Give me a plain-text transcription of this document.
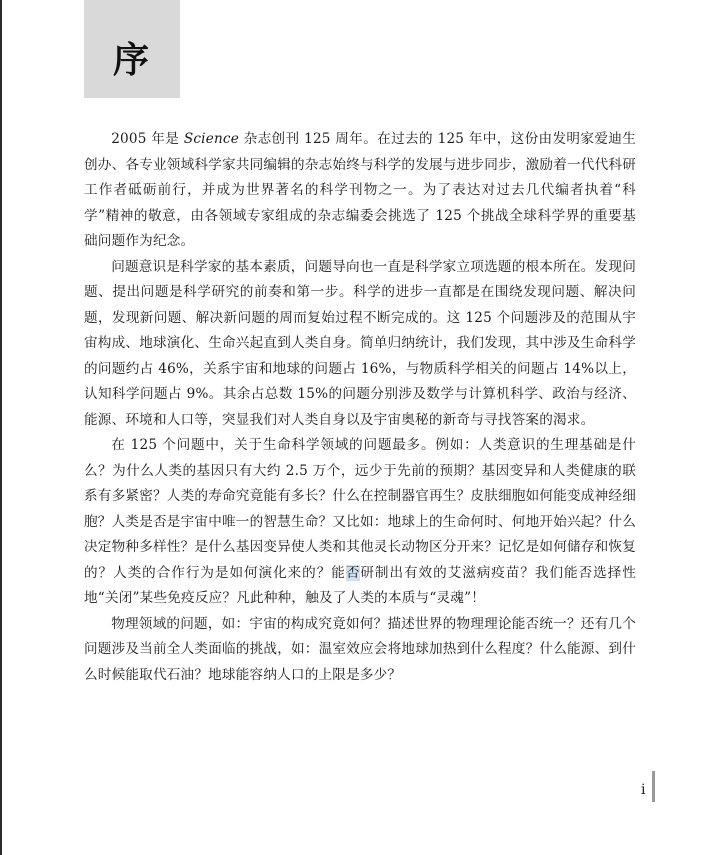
序

2005 年是 Science 杂志创刊 125 周年。在过去的 125 年中，这份由发明家爱迪生创办、各专业领域科学家共同编辑的杂志始终与科学的发展与进步同步，激励着一代代科研工作者砥砺前行，并成为世界著名的科学刊物之一。为了表达对过去几代编者执着“科学”精神的敬意，由各领域专家组成的杂志编委会挑选了 125 个挑战全球科学界的重要基础问题作为纪念。

问题意识是科学家的基本素质，问题导向也一直是科学家立项选题的根本所在。发现问题、提出问题是科学研究的前奏和第一步。科学的进步一直都是在围绕发现问题、解决问题，发现新问题、解决新问题的周而复始过程不断完成的。这 125 个问题涉及的范围从宇宙构成、地球演化、生命兴起直到人类自身。简单归纳统计，我们发现，其中涉及生命科学的问题约占 46%，关系宇宙和地球的问题占 16%，与物质科学相关的问题占 14%以上，认知科学问题占 9%。其余占总数 15%的问题分别涉及数学与计算机科学、政治与经济、能源、环境和人口等，突显我们对人类自身以及宇宙奥秘的新奇与寻找答案的渴求。

在 125 个问题中，关于生命科学领域的问题最多。例如：人类意识的生理基础是什么？为什么人类的基因只有大约 2.5 万个，远少于先前的预期？基因变异和人类健康的联系有多紧密？人类的寿命究竟能有多长？什么在控制器官再生？皮肤细胞如何能变成神经细胞？人类是否是宇宙中唯一的智慧生命？又比如：地球上的生命何时、何地开始兴起？什么决定物种多样性？是什么基因变异使人类和其他灵长动物区分开来？记忆是如何储存和恢复的？人类的合作行为是如何演化来的？能否研制出有效的艾滋病疫苗？我们能否选择性地“关闭”某些免疫反应？凡此种种，触及了人类的本质与“灵魂”！

物理领域的问题，如：宇宙的构成究竟如何？描述世界的物理理论能否统一？还有几个问题涉及当前全人类面临的挑战，如：温室效应会将地球加热到什么程度？什么能源、到什么时候能取代石油？地球能容纳人口的上限是多少？

i
